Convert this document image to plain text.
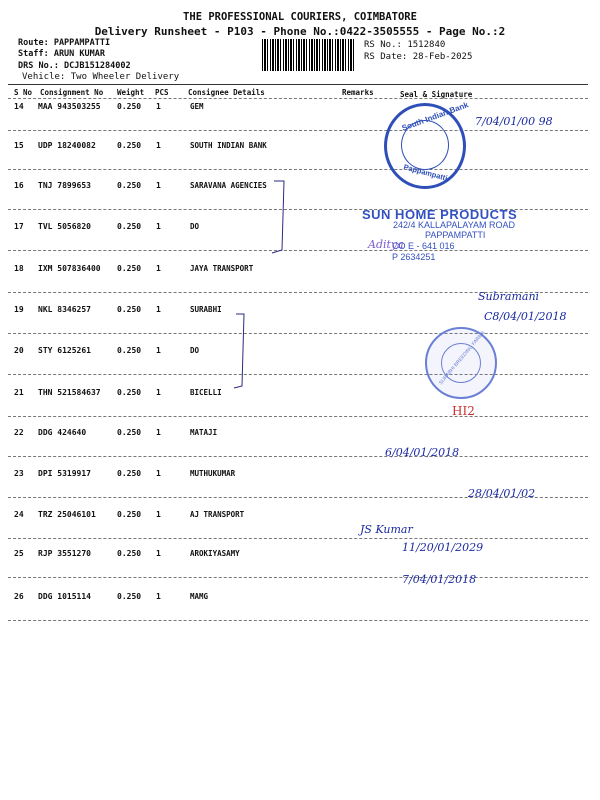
THE PROFESSIONAL COURIERS, COIMBATORE
Delivery Runsheet - P103 - Phone No.:0422-3505555 - Page No.:2
Route: PAPPAMPATTI
Staff: ARUN KUMAR
DRS No.: DCJB151284002
Vehicle: Two Wheeler Delivery
RS No.: 1512840
RS Date: 28-Feb-2025
S No Consignment No Weight PCS	Consignee Details	Remarks	Seal & Signature
14 MAA 943503255 0.250 1	GEM
15 UDP 18240082	0.250 1	SOUTH INDIAN BANK
16 TNJ 7899653	0.250 1	SARAVANA AGENCIES
17 TVL 5056820	0.250 1	DO
18 IXM 507836400 0.250 1	JAYA TRANSPORT
19 NKL 8346257	0.250 1	SURABHI
20 STY 6125261	0.250 1	DO
21 THN 521584637 0.250 1	BICELLI
22 DDG 424640	0.250 1	MATAJI
23 DPI 5319917	0.250 1	MUTHUKUMAR
24 TRZ 25046101	0.250 1	AJ TRANSPORT
25 RJP 3551270	0.250 1	AROKIYASAMY
26 DDG 1015114	0.250 1	MAMG
South Indian Bank
Pappampatti
SUN HOME PRODUCTS
242/4 KALLAPALAYAM ROAD
PAPPAMPATTI
CO E - 641 016
P 2634251
SURABHI BREEDING FARMS
7/04/01/00 98
Aditya
Subramani
C8/04/01/2018
HI2
6/04/01/2018
28/04/01/02
JS Kumar
11/20/01/2029
7/04/01/2018
